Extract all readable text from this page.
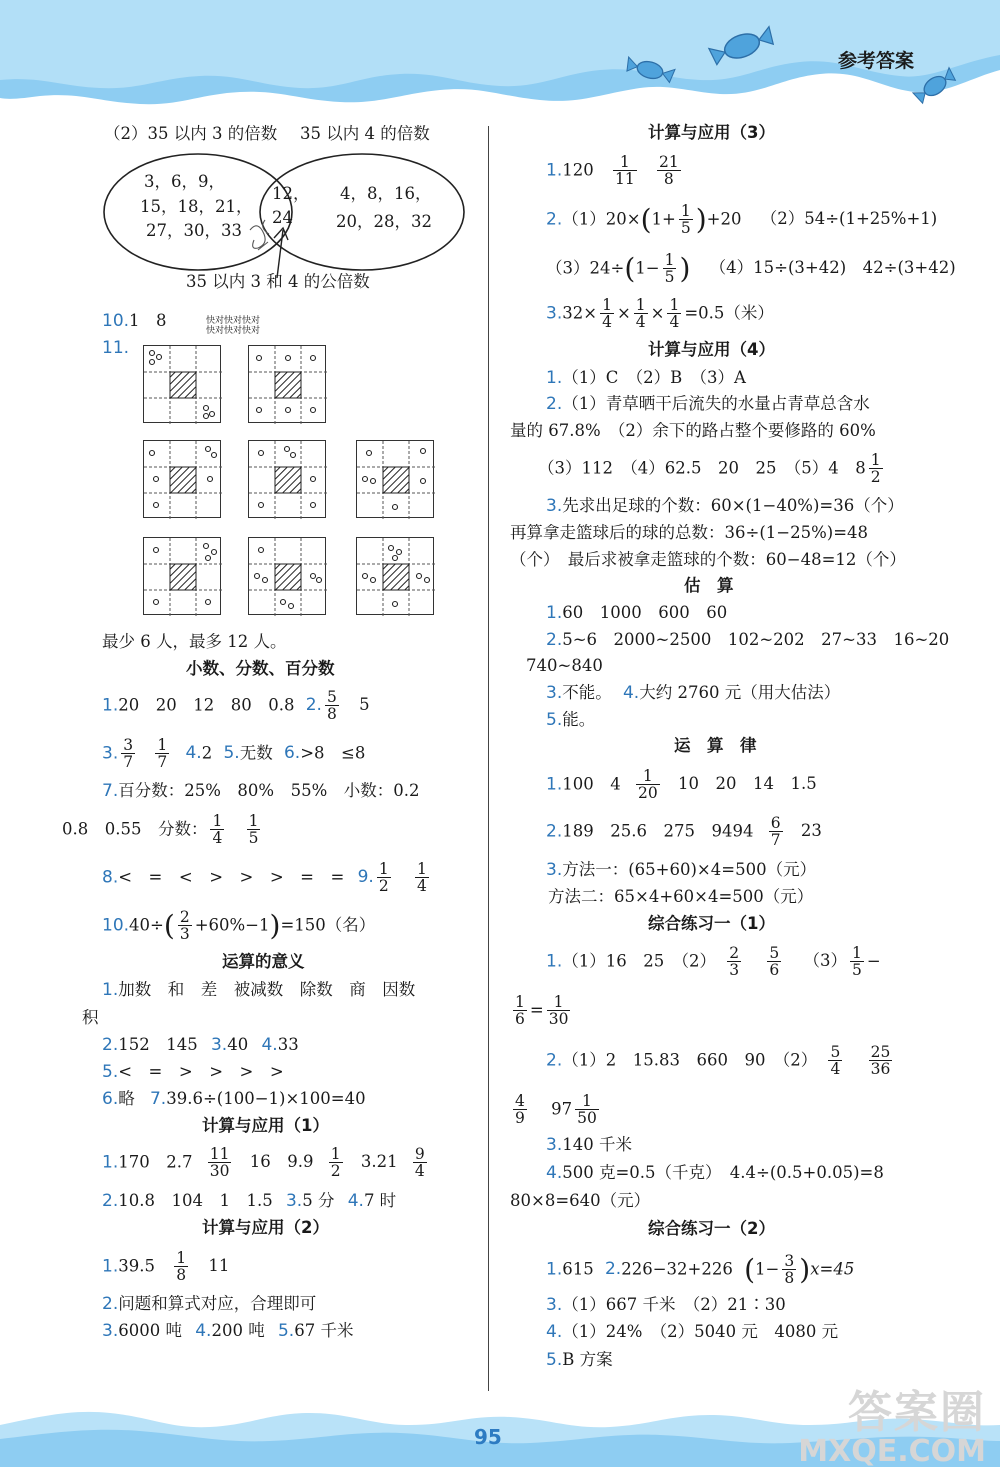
参考答案
95	答案圈
MXQE.COM
（2）35 以内 3 的倍数 35 以内 4 的倍数
3，6，9，
15，18，21，
27，30，33
12，
24
4，8，16，
20，28，32
35 以内 3 和 4 的公倍数
10.1　8	快对快对快对
快对快对快对
11.
最少 6 人，最多 12 人。
小数、分数、百分数
1.20　20　12　80　0.8 2. $\frac{5}{8} 5$
3. $\frac{3}{7}$
$\frac{1}{7} 4.2$ 5.无数 6.>8　≤8
7.百分数：25%　80%　55%　小数：0.2
0.8　0.55　分数： $\frac{1}{4}$
$\frac{1}{5}$
8.<　=　<　>　>　>　=　= 9. $\frac{1}{2}$
$\frac{1}{4}$
$10.40\div( \frac{2}{3} +60\%-1)=150$（名）
运算的意义
1.加数　和　差　被减数　除数　商　因数
积
2.152　145 3.40 4.33
5.<　=　>　>　>　>
6.略 7.39.6÷(100−1)×100=40
计算与应用（1）
1.170　$2.7 \frac{11}{30} 16$　$9.9 \frac{1}{2} 3.21 \frac{9}{4}$
2.10.8　104　1　1.5 3.5 分 4.7 时
计算与应用（2）
$1.39.5 \frac{1}{8} 11$
2.问题和算式对应，合理即可
3.6000 吨 4.200 吨 5.67 千米
计算与应用（3）
$1.120 \frac{1}{11}$
$\frac{21}{8}$
$2.(1)20\times(1+ \frac{1}{5} )+20$ （2）54÷(1+25%+1)
$(3)24\div(1- \frac{1}{5}$ ) （4）15÷(3+42)　42÷(3+42)
$3.32\times \frac{1}{4} \times \frac{1}{4} \times \frac{1}{4} =0.5$（米）
计算与应用（4）
1.（1）C　（2）B　（3）A
2.（1）青草晒干后流失的水量占青草总含水
量的 67.8%　（2）余下的路占整个要修路的 60%
（3）112　（4）62.5　20　25　（5）4　$8 \frac{1}{2}$
3.先求出足球的个数：60×(1−40%)=36（个）
再算拿走篮球后的球的总数：36÷(1−25%)=48
（个）　最后求被拿走篮球的个数：60−48=12（个）
估　算
1.60　1000　600　60
2.5~6　2000~2500　102~202　27~33　16~20
740~840
3.不能。 4.大约 2760 元（用大估法）
5.能。
运　算　律
1.100　$4 \frac{1}{20} 10$　20　14　1.5
2.189　25.6　275　$9494 \frac{6}{7} 23$
3.方法一：(65+60)×4=500（元）
方法二：65×4+60×4=500（元）
综合练习一（1）
1.（1）16　25　$(2) \frac{2}{3}$
$\frac{5}{6} (3) \frac{1}{5}$ −
$\frac{1}{6} = \frac{1}{30}$
2.（1）2　15.83　660　90　$(2) \frac{5}{4}$
$\frac{25}{36}$
$\frac{4}{9} 97 \frac{1}{50}$
3.140 千米
4.500 克=0.5（千克）　4.4÷(0.5+0.05)=8
80×8=640（元）
综合练习一（2）
1.615 2.226−32+226 $(1- \frac{3}{8} )x=45$
3.（1）667 千米　（2）21∶30
4.（1）24%　（2）5040 元　4080 元
5.B 方案
